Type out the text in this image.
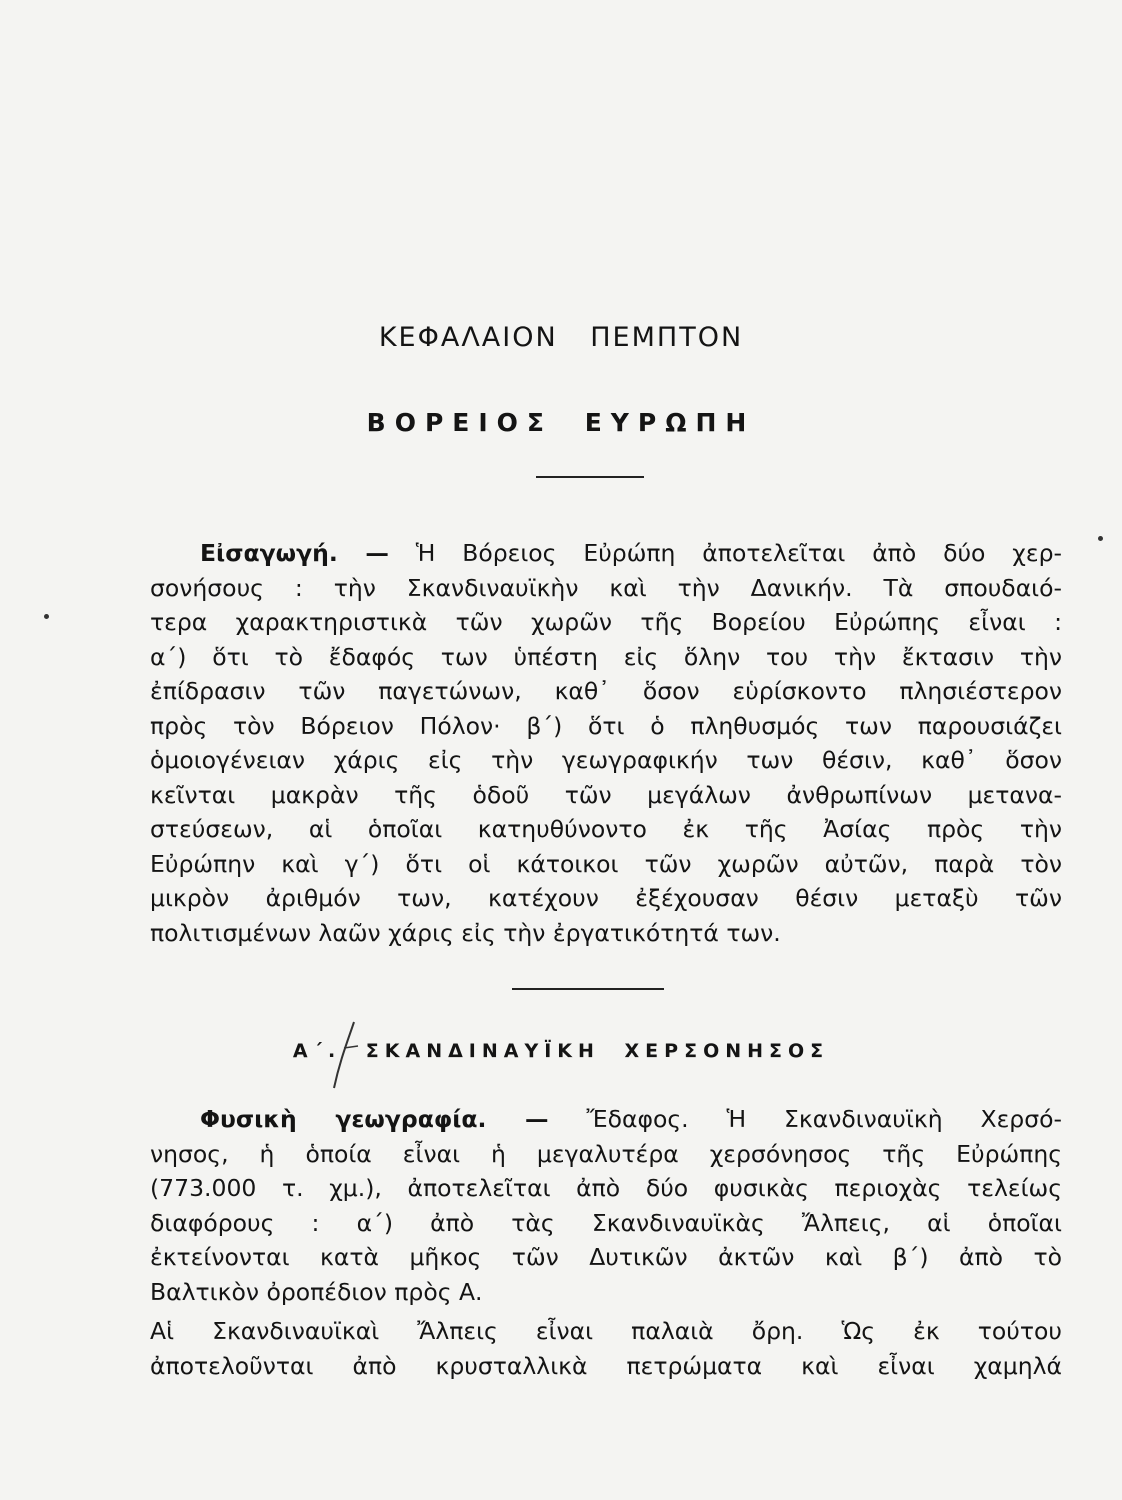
ΚΕΦΑΛΑΙΟΝ ΠΕΜΠΤΟΝ
ΒΟΡΕΙΟΣ ΕΥΡΩΠΗ
Εἰσαγωγή. — Ἡ Βόρειος Εὐρώπη ἀποτελεῖται ἀπὸ δύο χερ-
σονήσους : τὴν Σκανδιναυϊκὴν καὶ τὴν Δανικήν. Τὰ σπουδαιό-
τερα χαρακτηριστικὰ τῶν χωρῶν τῆς Βορείου Εὐρώπης εἶναι :
α΄) ὅτι τὸ ἔδαφός των ὑπέστη εἰς ὅλην του τὴν ἔκτασιν τὴν
ἐπίδρασιν τῶν παγετώνων, καθ᾽ ὅσον εὑρίσκοντο πλησιέστερον
πρὸς τὸν Βόρειον Πόλον· β΄) ὅτι ὁ πληθυσμός των παρουσιάζει
ὁμοιογένειαν χάρις εἰς τὴν γεωγραφικήν των θέσιν, καθ᾽ ὅσον
κεῖνται μακρὰν τῆς ὁδοῦ τῶν μεγάλων ἀνθρωπίνων μετανα-
στεύσεων, αἱ ὁποῖαι κατηυθύνοντο ἐκ τῆς Ἀσίας πρὸς τὴν
Εὐρώπην καὶ γ΄) ὅτι οἱ κάτοικοι τῶν χωρῶν αὐτῶν, παρὰ τὸν
μικρὸν ἀριθμόν των, κατέχουν ἐξέχουσαν θέσιν μεταξὺ τῶν
πολιτισμένων λαῶν χάρις εἰς τὴν ἐργατικότητά των.
Α΄. ΣΚΑΝΔΙΝΑΥΪΚΗ ΧΕΡΣΟΝΗΣΟΣ
Φυσικὴ γεωγραφία. — Ἔδαφος. Ἡ Σκανδιναυϊκὴ Χερσό-
νησος, ἡ ὁποία εἶναι ἡ μεγαλυτέρα χερσόνησος τῆς Εὐρώπης
(773.000 τ. χμ.), ἀποτελεῖται ἀπὸ δύο φυσικὰς περιοχὰς τελείως
διαφόρους : α΄) ἀπὸ τὰς Σκανδιναυϊκὰς Ἄλπεις, αἱ ὁποῖαι
ἐκτείνονται κατὰ μῆκος τῶν Δυτικῶν ἀκτῶν καὶ β΄) ἀπὸ τὸ
Βαλτικὸν ὀροπέδιον πρὸς Α.
Αἱ Σκανδιναυϊκαὶ Ἄλπεις εἶναι παλαιὰ ὄρη. Ὡς ἐκ τούτου
ἀποτελοῦνται ἀπὸ κρυσταλλικὰ πετρώματα καὶ εἶναι χαμηλά
